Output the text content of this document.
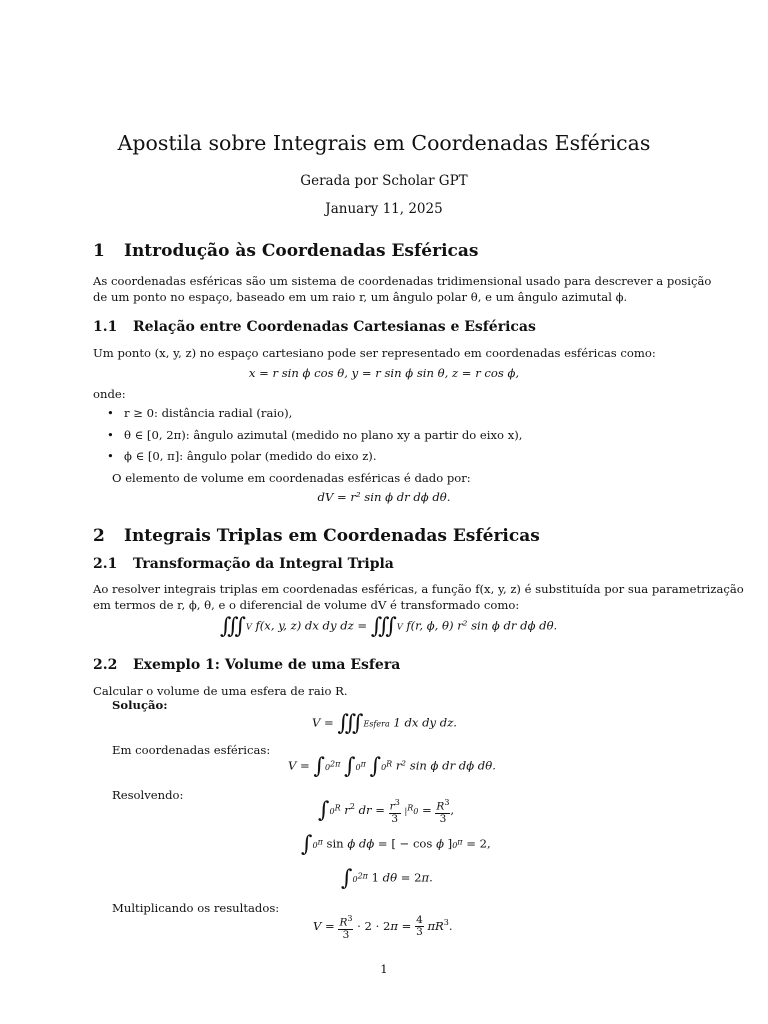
Apostila sobre Integrais em Coordenadas Esféricas
Gerada por Scholar GPT
January 11, 2025
1 Introdução às Coordenadas Esféricas
As coordenadas esféricas são um sistema de coordenadas tridimensional usado para descrever a posição
de um ponto no espaço, baseado em um raio r, um ângulo polar θ, e um ângulo azimutal ϕ.
1.1 Relação entre Coordenadas Cartesianas e Esféricas
Um ponto (x, y, z) no espaço cartesiano pode ser representado em coordenadas esféricas como:
x = r sin ϕ cos θ, y = r sin ϕ sin θ, z = r cos ϕ,
onde:
• r ≥ 0: distância radial (raio),
• θ ∈ [0, 2π): ângulo azimutal (medido no plano xy a partir do eixo x),
• ϕ ∈ [0, π]: ângulo polar (medido do eixo z).
O elemento de volume em coordenadas esféricas é dado por:
dV = r² sin ϕ dr dϕ dθ.
2 Integrais Triplas em Coordenadas Esféricas
2.1 Transformação da Integral Tripla
Ao resolver integrais triplas em coordenadas esféricas, a função f(x, y, z) é substituída por sua parametrização
em termos de r, ϕ, θ, e o diferencial de volume dV é transformado como:
∭V f(x, y, z) dx dy dz = ∭V f(r, ϕ, θ) r² sin ϕ dr dϕ dθ.
2.2 Exemplo 1: Volume de uma Esfera
Calcular o volume de uma esfera de raio R.
Solução:
V = ∭Esfera 1 dx dy dz.
Em coordenadas esféricas:
$V = \int 0^{2\pi}$ $\int 0^\pi$ $\int 0^R$ r² sin ϕ dr dϕ dθ.
Resolvendo:
$\int 0^R$ $r^2$ dr = $\frac{r^3}{3} |^R0 = \frac{R^3}{3}$ ,
$\int 0^\pi$ sin ϕ dϕ = [ − cos ϕ ]$0^\pi = 2$,
$\int 0^{2\pi}$ 1 dθ = 2π.
Multiplicando os resultados:
$V = \frac{R^3}{3} \cdot 2 \cdot 2\pi = \frac{4}{3} \pi R^3$.
1
